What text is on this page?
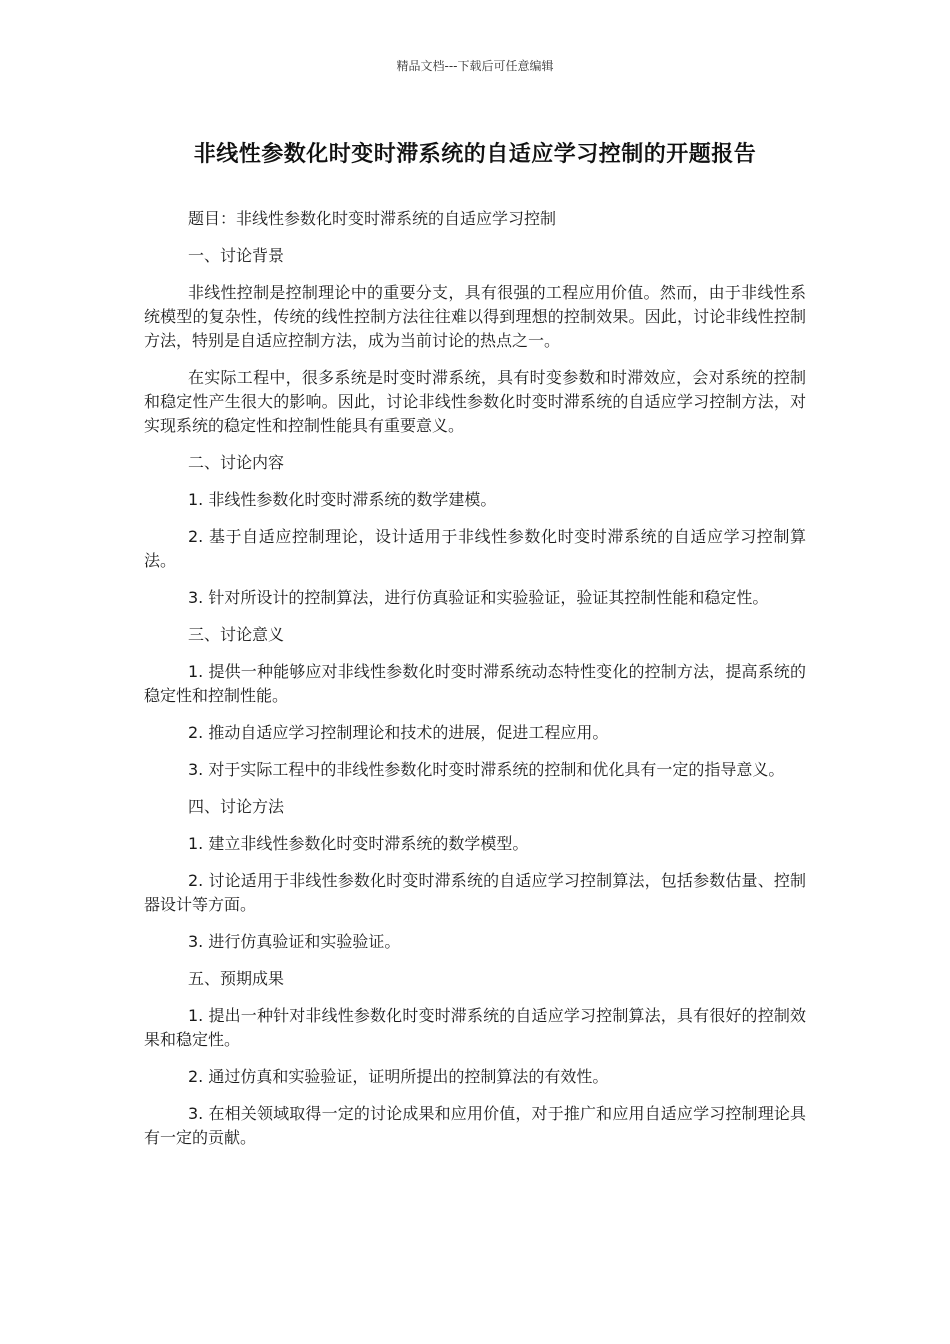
精品文档---下载后可任意编辑
非线性参数化时变时滞系统的自适应学习控制的开题报告

题目：非线性参数化时变时滞系统的自适应学习控制

一、讨论背景

非线性控制是控制理论中的重要分支，具有很强的工程应用价值。然而，由于非线性系统模型的复杂性，传统的线性控制方法往往难以得到理想的控制效果。因此，讨论非线性控制方法，特别是自适应控制方法，成为当前讨论的热点之一。

在实际工程中，很多系统是时变时滞系统，具有时变参数和时滞效应，会对系统的控制和稳定性产生很大的影响。因此，讨论非线性参数化时变时滞系统的自适应学习控制方法，对实现系统的稳定性和控制性能具有重要意义。

二、讨论内容

1. 非线性参数化时变时滞系统的数学建模。

2. 基于自适应控制理论，设计适用于非线性参数化时变时滞系统的自适应学习控制算法。

3. 针对所设计的控制算法，进行仿真验证和实验验证，验证其控制性能和稳定性。

三、讨论意义

1. 提供一种能够应对非线性参数化时变时滞系统动态特性变化的控制方法，提高系统的稳定性和控制性能。

2. 推动自适应学习控制理论和技术的进展，促进工程应用。

3. 对于实际工程中的非线性参数化时变时滞系统的控制和优化具有一定的指导意义。

四、讨论方法

1. 建立非线性参数化时变时滞系统的数学模型。

2. 讨论适用于非线性参数化时变时滞系统的自适应学习控制算法，包括参数估量、控制器设计等方面。

3. 进行仿真验证和实验验证。

五、预期成果

1. 提出一种针对非线性参数化时变时滞系统的自适应学习控制算法，具有很好的控制效果和稳定性。

2. 通过仿真和实验验证，证明所提出的控制算法的有效性。

3. 在相关领域取得一定的讨论成果和应用价值，对于推广和应用自适应学习控制理论具有一定的贡献。
